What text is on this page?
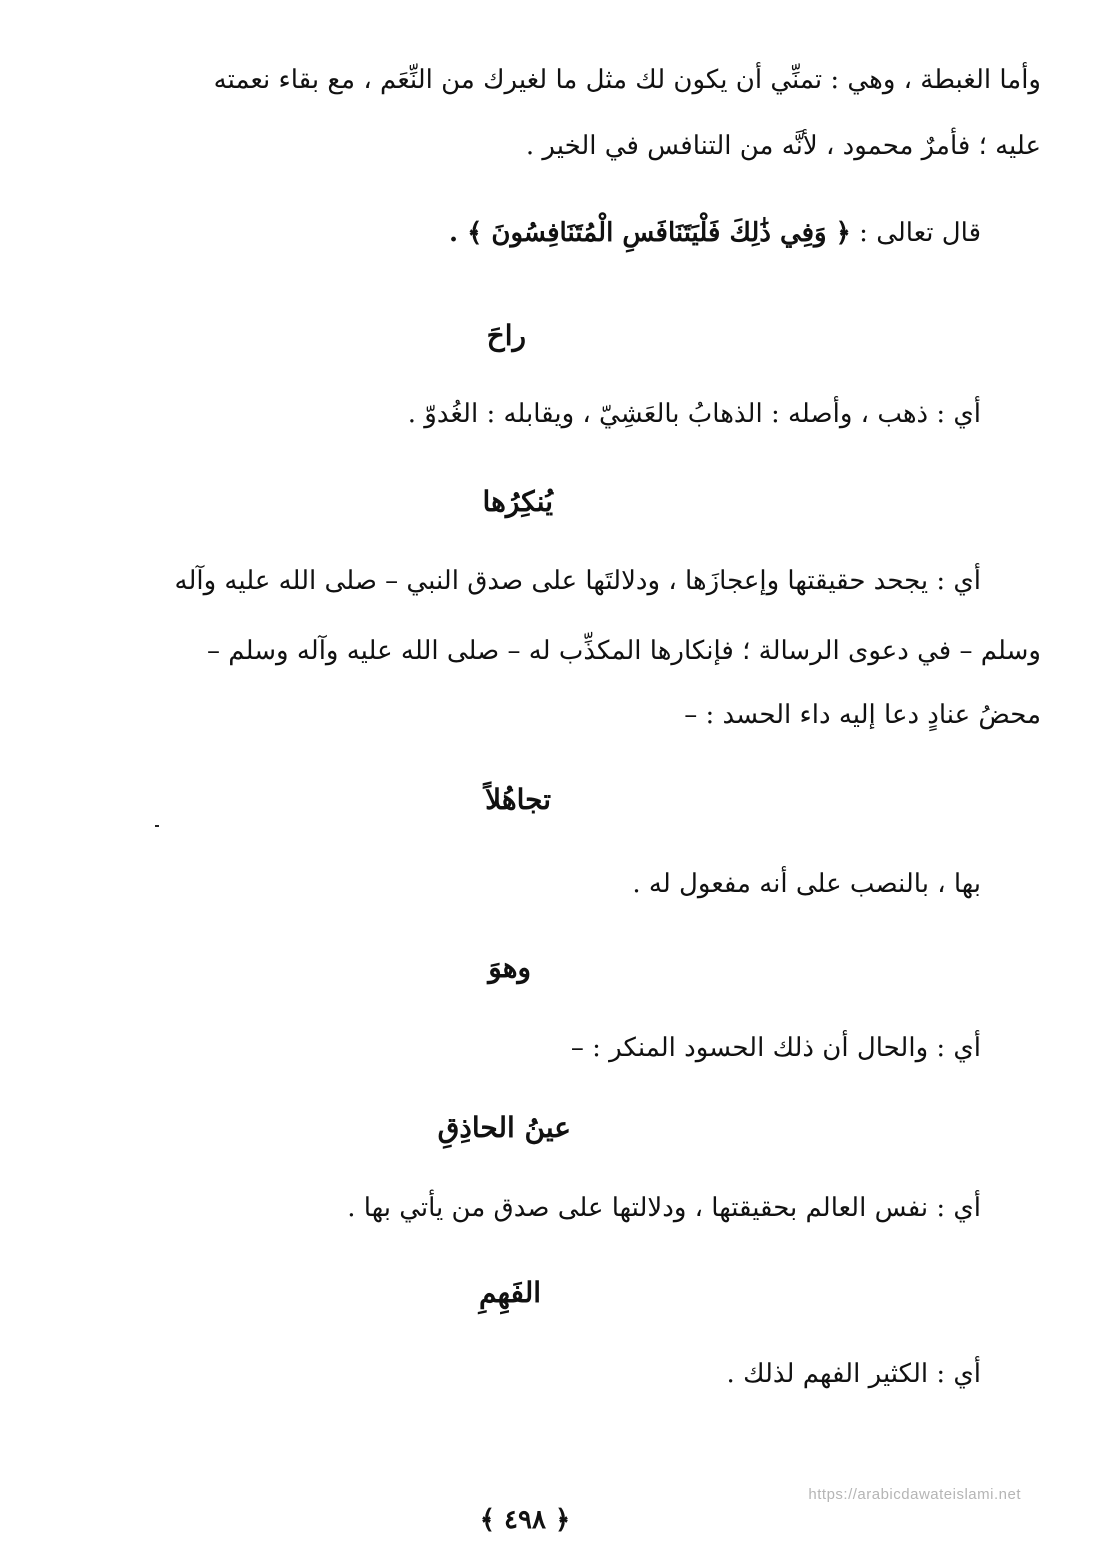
وأما الغبطة ، وهي : تمنِّي أن يكون لك مثل ما لغيرك من النِّعَم ، مع بقاء نعمته
عليه ؛ فأمرٌ محمود ، لأنَّه من التنافس في الخير .
قال تعالى : ﴿ وَفِي ذَٰلِكَ فَلْيَتَنَافَسِ الْمُتَنَافِسُونَ ﴾ .
راحَ
أي : ذهب ، وأصله : الذهابُ بالعَشِيّ ، ويقابله : الغُدوّ .
يُنكِرُها
أي : يجحد حقيقتها وإعجازَها ، ودلالتَها على صدق النبي – صلى الله عليه وآله
وسلم – في دعوى الرسالة ؛ فإنكارها المكذِّب له – صلى الله عليه وآله وسلم –
محضُ عنادٍ دعا إليه داء الحسد : –
تجاهُلاً
بها ، بالنصب على أنه مفعول له .
وهوَ
أي : والحال أن ذلك الحسود المنكر : –
عينُ الحاذِقِ
أي : نفس العالم بحقيقتها ، ودلالتها على صدق من يأتي بها .
الفَهِمِ
أي : الكثير الفهم لذلك .
https://arabicdawateislami.net
﴿ ٤٩٨ ﴾
